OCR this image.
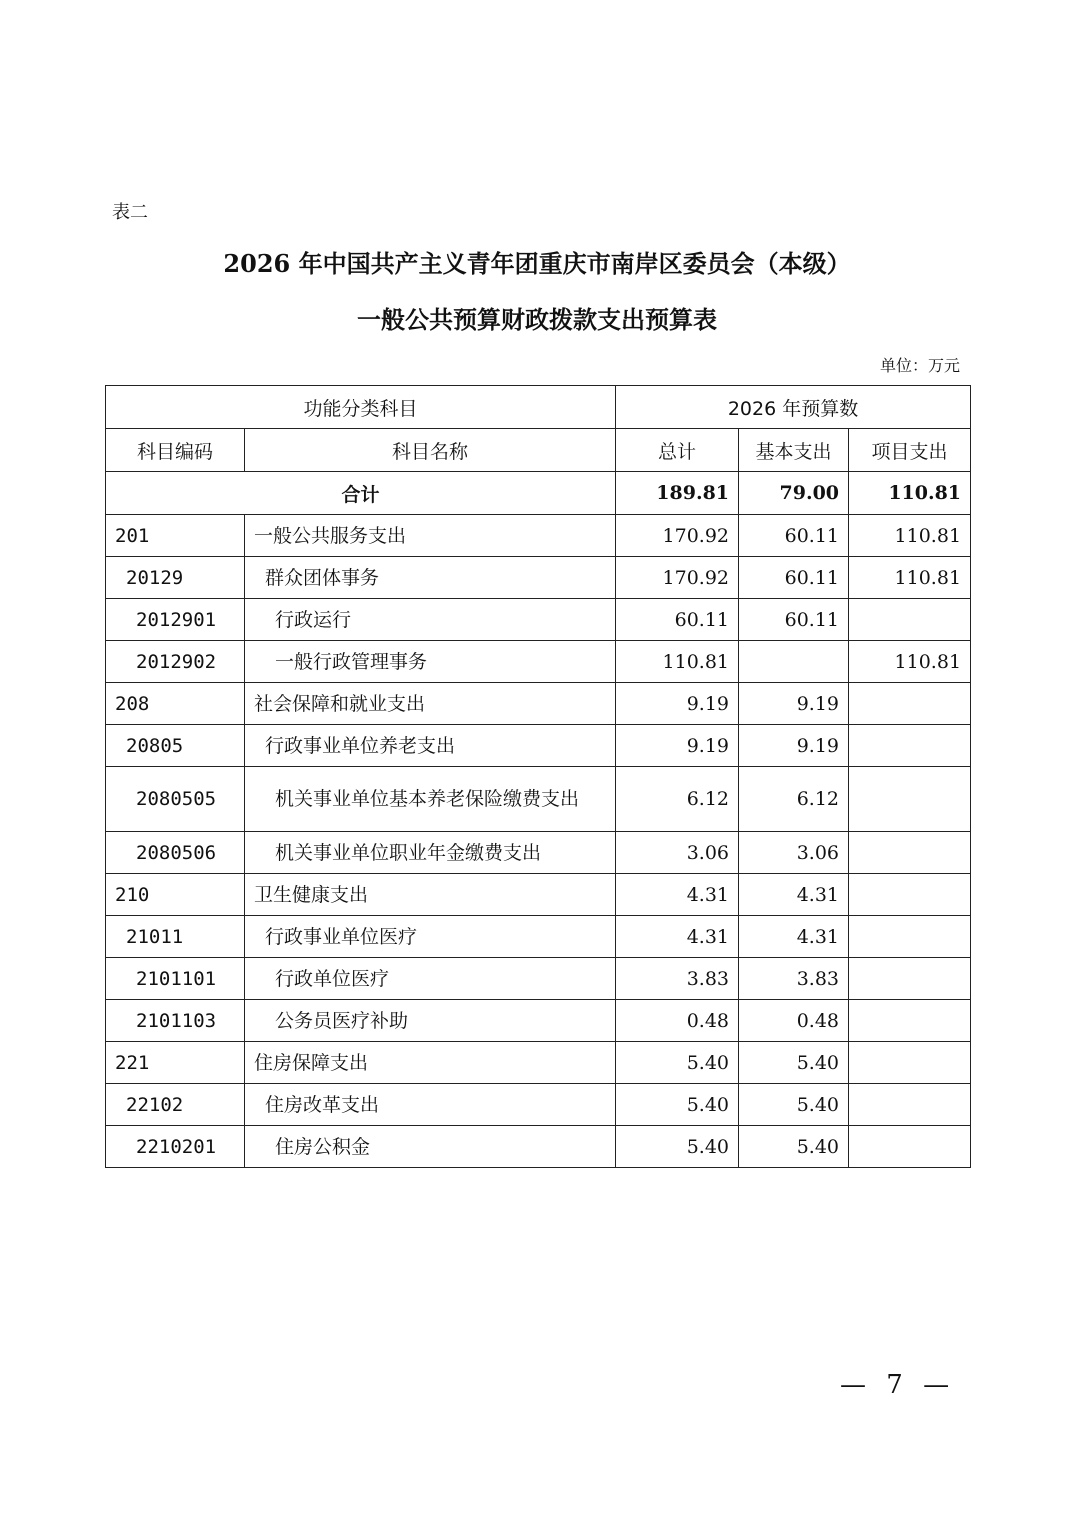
表二
2026 年中国共产主义青年团重庆市南岸区委员会（本级）
一般公共预算财政拨款支出预算表
单位：万元
功能分类科目		2026 年预算数		
科目编码	科目名称	总计	基本支出	项目支出
合计		189.81	79.00	110.81
201	一般公共服务支出	170.92	60.11	110.81
20129	群众团体事务	170.92	60.11	110.81
2012901	行政运行	60.11	60.11	
2012902	一般行政管理事务	110.81		110.81
208	社会保障和就业支出	9.19	9.19	
20805	行政事业单位养老支出	9.19	9.19	
2080505	机关事业单位基本养老保险缴费支出	6.12	6.12	
2080506	机关事业单位职业年金缴费支出	3.06	3.06	
210	卫生健康支出	4.31	4.31	
21011	行政事业单位医疗	4.31	4.31	
2101101	行政单位医疗	3.83	3.83	
2101103	公务员医疗补助	0.48	0.48	
221	住房保障支出	5.40	5.40	
22102	住房改革支出	5.40	5.40	
2210201	住房公积金	5.40	5.40	
— 7 —
